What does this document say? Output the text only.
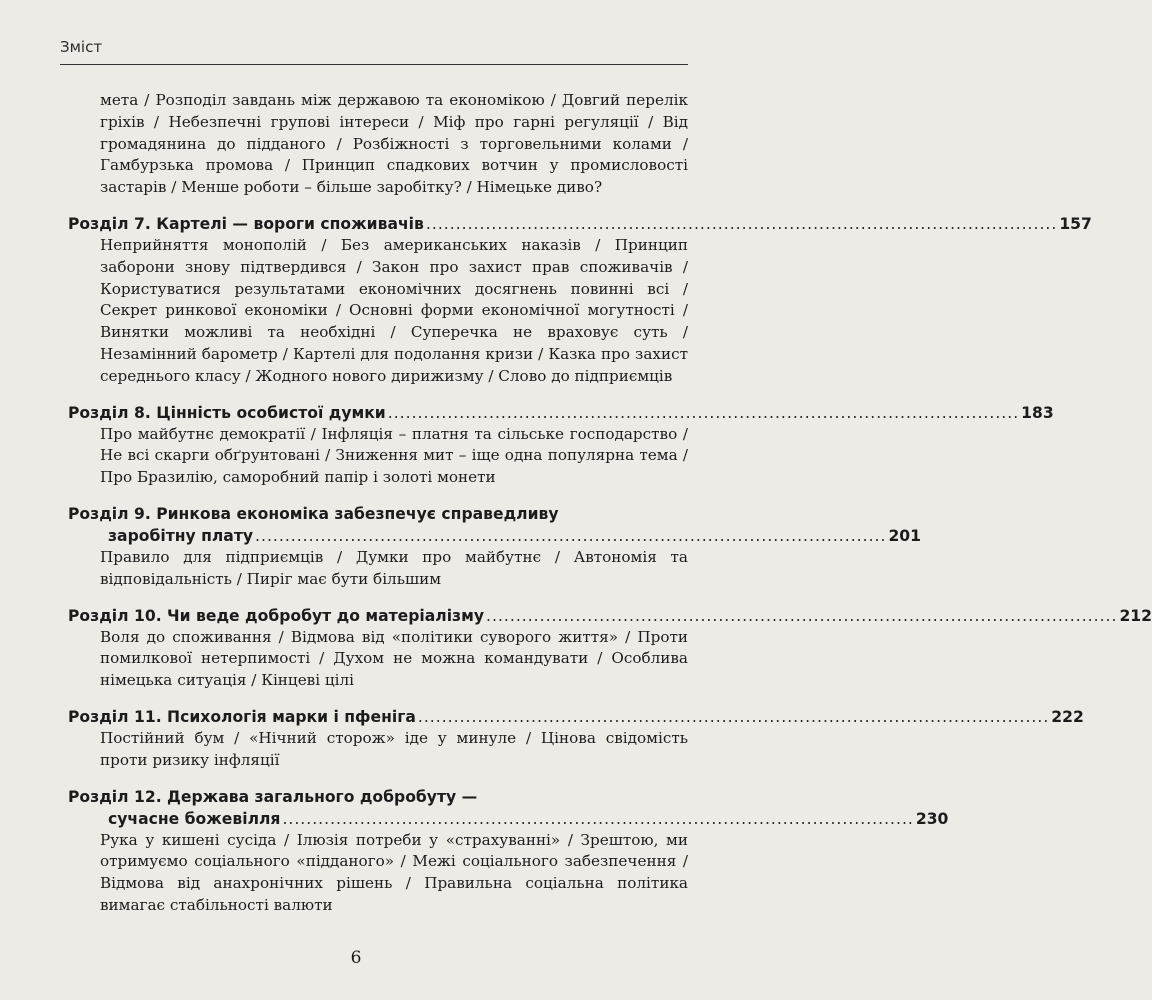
Зміст

мета / Розподіл завдань між державою та економікою / Довгий перелік гріхів / Небезпечні групові інтереси / Міф про гарні регуляції / Від громадянина до підданого / Розбіжності з торговельними колами / Гамбурзька промова / Принцип спадкових вотчин у промисловості застарів / Менше роботи – більше заробітку? / Німецьке диво?

Розділ 7. Картелі — вороги споживачів .......................................................................................................... 157

Неприйняття монополій / Без американських наказів / Принцип заборони знову підтвердився / Закон про захист прав споживачів / Користуватися результатами економічних досягнень повинні всі / Секрет ринкової економіки / Основні форми економічної могутності / Винятки можливі та необхідні / Суперечка не враховує суть / Незамінний барометр / Картелі для подолання кризи / Казка про захист середнього класу / Жодного нового дирижизму / Слово до підприємців

Розділ 8. Цінність особистої думки .......................................................................................................... 183

Про майбутнє демократії / Інфляція – платня та сільське господарство / Не всі скарги обґрунтовані / Зниження мит – іще одна популярна тема / Про Бразилію, саморобний папір і золоті монети

Розділ 9. Ринкова економіка забезпечує справедливу
заробітну плату .......................................................................................................... 201

Правило для підприємців / Думки про майбутнє / Автономія та відповідальність / Пиріг має бути більшим

Розділ 10. Чи веде добробут до матеріалізму .......................................................................................................... 212

Воля до споживання / Відмова від «політики суворого життя» / Проти помилкової нетерпимості / Духом не можна командувати / Особлива німецька ситуація / Кінцеві цілі

Розділ 11. Психологія марки і пфеніга .......................................................................................................... 222

Постійний бум / «Нічний сторож» іде у минуле / Цінова свідомість проти ризику інфляції

Розділ 12. Держава загального добробуту —
сучасне божевілля .......................................................................................................... 230

Рука у кишені сусіда / Ілюзія потреби у «страхуванні» / Зрештою, ми отримуємо соціального «підданого» / Межі соціального забезпечення / Відмова від анахронічних рішень / Правильна соціальна політика вимагає стабільності валюти

6
